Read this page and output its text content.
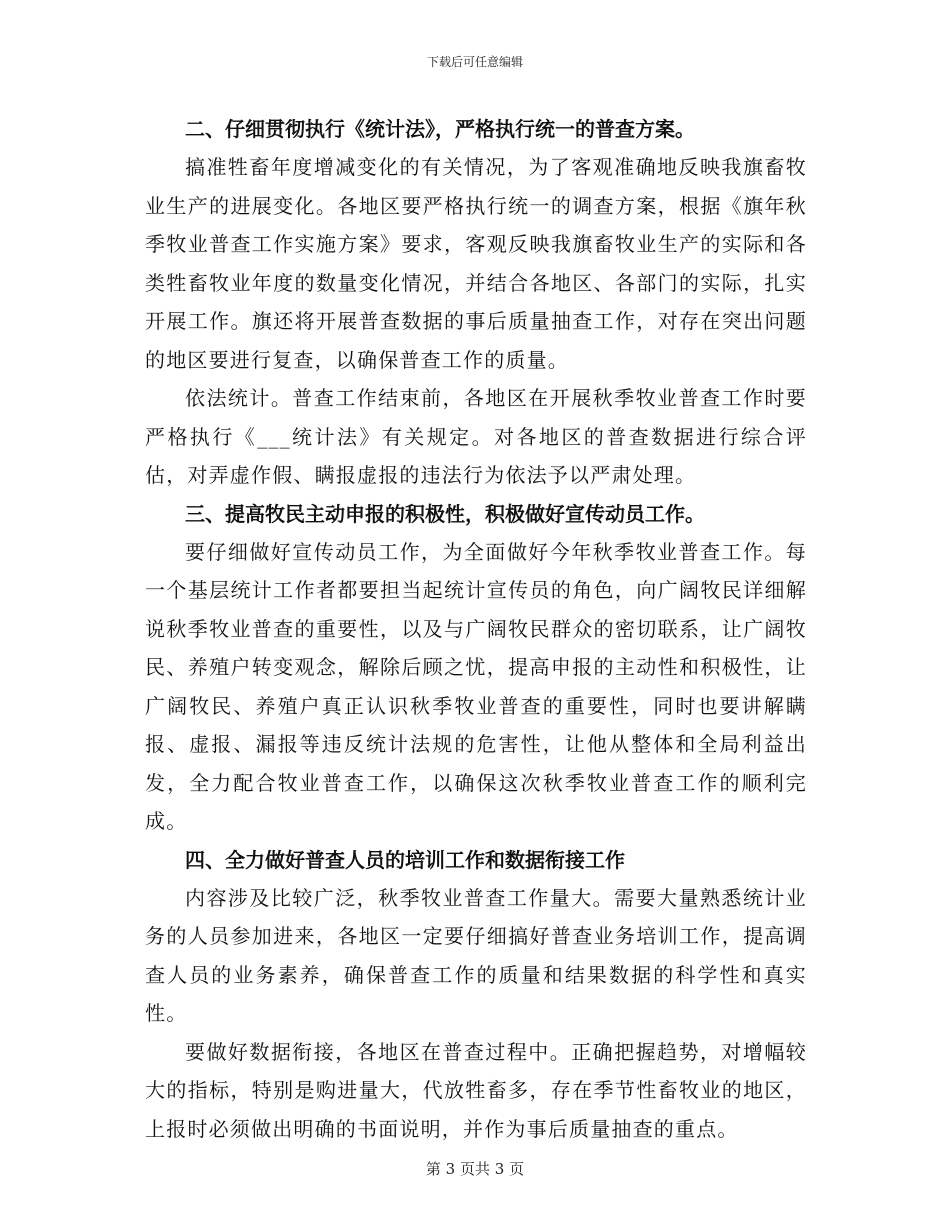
下载后可任意编辑

二、仔细贯彻执行《统计法》，严格执行统一的普查方案。

搞准牲畜年度增减变化的有关情况，为了客观准确地反映我旗畜牧业生产的进展变化。各地区要严格执行统一的调查方案，根据《旗年秋季牧业普查工作实施方案》要求，客观反映我旗畜牧业生产的实际和各类牲畜牧业年度的数量变化情况，并结合各地区、各部门的实际，扎实开展工作。旗还将开展普查数据的事后质量抽查工作，对存在突出问题的地区要进行复查，以确保普查工作的质量。

依法统计。普查工作结束前，各地区在开展秋季牧业普查工作时要严格执行《___统计法》有关规定。对各地区的普查数据进行综合评估，对弄虚作假、瞒报虚报的违法行为依法予以严肃处理。

三、提高牧民主动申报的积极性，积极做好宣传动员工作。

要仔细做好宣传动员工作，为全面做好今年秋季牧业普查工作。每一个基层统计工作者都要担当起统计宣传员的角色，向广阔牧民详细解说秋季牧业普查的重要性，以及与广阔牧民群众的密切联系，让广阔牧民、养殖户转变观念，解除后顾之忧，提高申报的主动性和积极性，让广阔牧民、养殖户真正认识秋季牧业普查的重要性，同时也要讲解瞒报、虚报、漏报等违反统计法规的危害性，让他从整体和全局利益出发，全力配合牧业普查工作，以确保这次秋季牧业普查工作的顺利完成。

四、全力做好普查人员的培训工作和数据衔接工作

内容涉及比较广泛，秋季牧业普查工作量大。需要大量熟悉统计业务的人员参加进来，各地区一定要仔细搞好普查业务培训工作，提高调查人员的业务素养，确保普查工作的质量和结果数据的科学性和真实性。

要做好数据衔接，各地区在普查过程中。正确把握趋势，对增幅较大的指标，特别是购进量大，代放牲畜多，存在季节性畜牧业的地区，上报时必须做出明确的书面说明，并作为事后质量抽查的重点。

第 3 页共 3 页
